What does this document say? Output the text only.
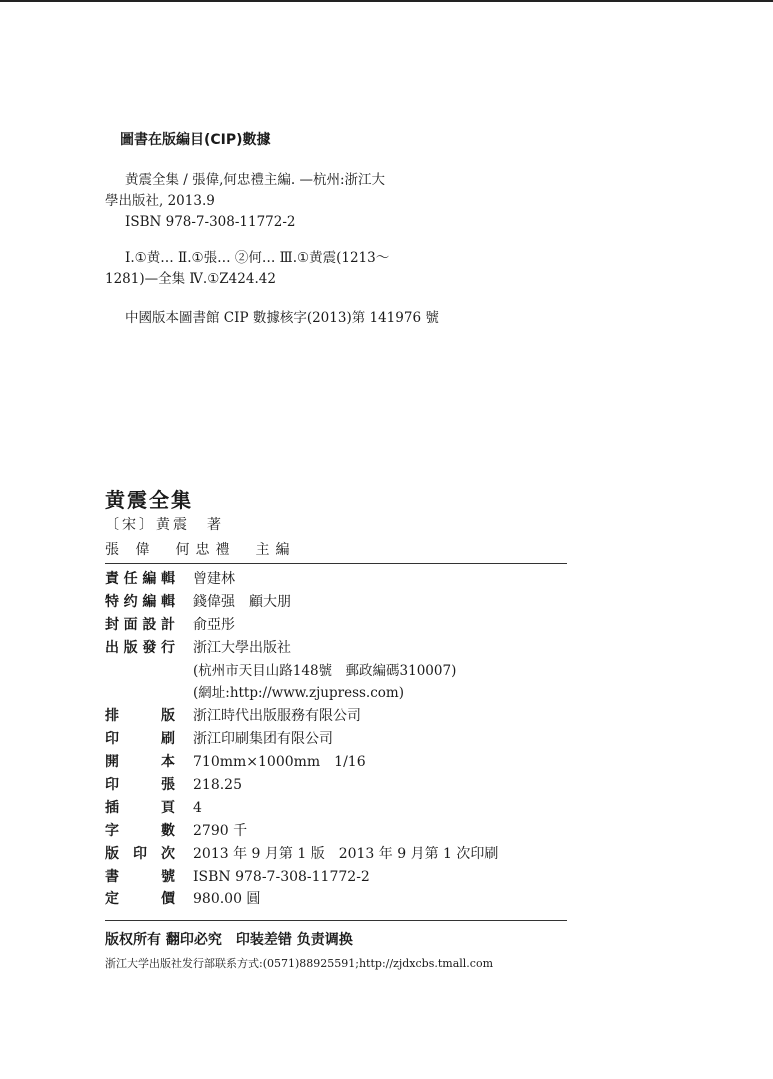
圖書在版編目(CIP)數據
黄震全集 / 張偉,何忠禮主編. —杭州:浙江大
學出版社, 2013.9
ISBN 978-7-308-11772-2
Ⅰ.①黄… Ⅱ.①張… ②何… Ⅲ.①黄震(1213～
1281)—全集 Ⅳ.①Z424.42
中國版本圖書館 CIP 數據核字(2013)第 141976 號
黄震全集
〔宋〕黄震　著
張 偉　何忠禮　主編
責任編輯 曾建林
特约編輯 錢偉强　顧大朋
封面設計 俞亞彤
出版發行 浙江大學出版社
(杭州市天目山路148號　郵政編碼310007)
(網址:http://www.zjupress.com)
排版 浙江時代出版服務有限公司
印刷 浙江印刷集团有限公司
開本 710mm×1000mm　1/16
印張 218.25
插頁 4
字數 2790 千
版印次 2013 年 9 月第 1 版　2013 年 9 月第 1 次印刷
書號 ISBN 978-7-308-11772-2
定價 980.00 圓
版权所有 翻印必究　印装差错 负责调换
浙江大学出版社发行部联系方式:(0571)88925591;http://zjdxcbs.tmall.com
